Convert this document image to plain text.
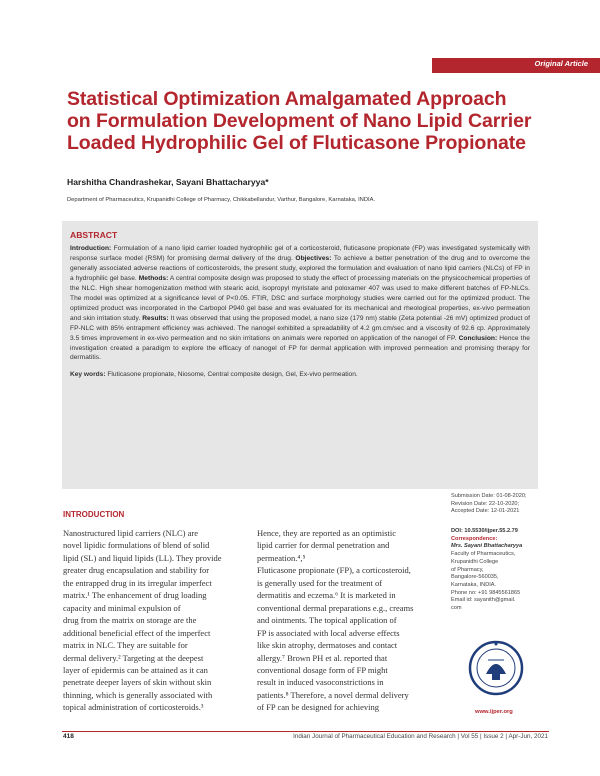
Original Article
Statistical Optimization Amalgamated Approach
on Formulation Development of Nano Lipid Carrier
Loaded Hydrophilic Gel of Fluticasone Propionate
Harshitha Chandrashekar, Sayani Bhattacharyya*
Department of Pharmaceutics, Krupanidhi College of Pharmacy, Chikkabellandur, Varthur, Bangalore, Karnataka, INDIA.
ABSTRACT

Introduction: Formulation of a nano lipid carrier loaded hydrophilic gel of a corticosteroid, fluticasone propionate (FP) was investigated systemically with response surface model (RSM) for promising dermal delivery of the drug. Objectives: To achieve a better penetration of the drug and to overcome the generally associated adverse reactions of corticosteroids, the present study, explored the formulation and evaluation of nano lipid carriers (NLCs) of FP in a hydrophilic gel base. Methods: A central composite design was proposed to study the effect of processing materials on the physicochemical properties of the NLC. High shear homogenization method with stearic acid, isopropyl myristate and poloxamer 407 was used to make different batches of FP-NLCs. The model was optimized at a significance level of P<0.05. FTIR, DSC and surface morphology studies were carried out for the optimized product. The optimized product was incorporated in the Carbopol P940 gel base and was evaluated for its mechanical and rheological properties, ex-vivo permeation and skin irritation study. Results: It was observed that using the proposed model, a nano size (179 nm) stable (Zeta potential -26 mV) optimized product of FP-NLC with 85% entrapment efficiency was achieved. The nanogel exhibited a spreadability of 4.2 gm.cm/sec and a viscosity of 92.6 cp. Approximately 3.5 times improvement in ex-vivo permeation and no skin irritations on animals were reported on application of the nanogel of FP. Conclusion: Hence the investigation created a paradigm to explore the efficacy of nanogel of FP for dermal application with improved permeation and promising therapy for dermatitis.

Key words: Fluticasone propionate, Niosome, Central composite design, Gel, Ex-vivo permeation.

Submission Date: 01-08-2020;
Revision Date: 22-10-2020;
Accepted Date: 12-01-2021
INTRODUCTION
Nanostructured lipid carriers (NLC) are
novel lipidic formulations of blend of solid
lipid (SL) and liquid lipids (LL). They provide
greater drug encapsulation and stability for
the entrapped drug in its irregular imperfect
matrix.¹ The enhancement of drug loading
capacity and minimal expulsion of
drug from the matrix on storage are the
additional beneficial effect of the imperfect
matrix in NLC. They are suitable for
dermal delivery.² Targeting at the deepest
layer of epidermis can be attained as it can
penetrate deeper layers of skin without skin
thinning, which is generally associated with
topical administration of corticosteroids.³
Hence, they are reported as an optimistic
lipid carrier for dermal penetration and
permeation.⁴,⁵
Fluticasone propionate (FP), a corticosteroid,
is generally used for the treatment of
dermatitis and eczema.⁶ It is marketed in
conventional dermal preparations e.g., creams
and ointments. The topical application of
FP is associated with local adverse effects
like skin atrophy, dermatoses and contact
allergy.⁷ Brown PH et al. reported that
conventional dosage form of FP might
result in induced vasoconstrictions in
patients.⁸ Therefore, a novel dermal delivery
of FP can be designed for achieving
DOI: 10.5530/ijper.55.2.79
Correspondence:
Mrs. Sayani Bhattacharyya
Faculty of Pharmaceutics,
Krupanidhi College
of Pharmacy,
Bangalore-560035,
Karnataka, INDIA.
Phone no: +91 9845561865
Email id: sayanith@gmail.
com
www.ijper.org
418	Indian Journal of Pharmaceutical Education and Research | Vol 55 | Issue 2 | Apr-Jun, 2021
